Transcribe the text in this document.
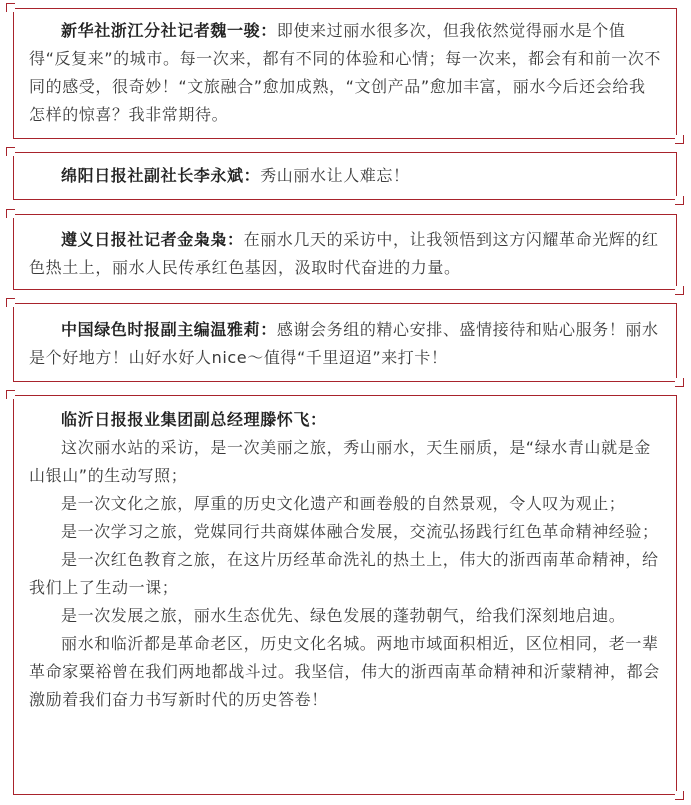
新华社浙江分社记者魏一骏：即使来过丽水很多次，但我依然觉得丽水是个值得“反复来”的城市。每一次来，都有不同的体验和心情；每一次来，都会有和前一次不同的感受，很奇妙！“文旅融合”愈加成熟，“文创产品”愈加丰富，丽水今后还会给我怎样的惊喜？我非常期待。

绵阳日报社副社长李永斌：秀山丽水让人难忘！

遵义日报社记者金枭枭：在丽水几天的采访中，让我领悟到这方闪耀革命光辉的红色热土上，丽水人民传承红色基因，汲取时代奋进的力量。

中国绿色时报副主编温雅莉：感谢会务组的精心安排、盛情接待和贴心服务！丽水是个好地方！山好水好人nice～值得“千里迢迢”来打卡！

临沂日报报业集团副总经理滕怀飞：

这次丽水站的采访，是一次美丽之旅，秀山丽水，天生丽质，是“绿水青山就是金山银山”的生动写照；

是一次文化之旅，厚重的历史文化遗产和画卷般的自然景观，令人叹为观止；

是一次学习之旅，党媒同行共商媒体融合发展，交流弘扬践行红色革命精神经验；

是一次红色教育之旅，在这片历经革命洗礼的热土上，伟大的浙西南革命精神，给我们上了生动一课；

是一次发展之旅，丽水生态优先、绿色发展的蓬勃朝气，给我们深刻地启迪。

丽水和临沂都是革命老区，历史文化名城。两地市域面积相近，区位相同，老一辈革命家粟裕曾在我们两地都战斗过。我坚信，伟大的浙西南革命精神和沂蒙精神，都会激励着我们奋力书写新时代的历史答卷！
